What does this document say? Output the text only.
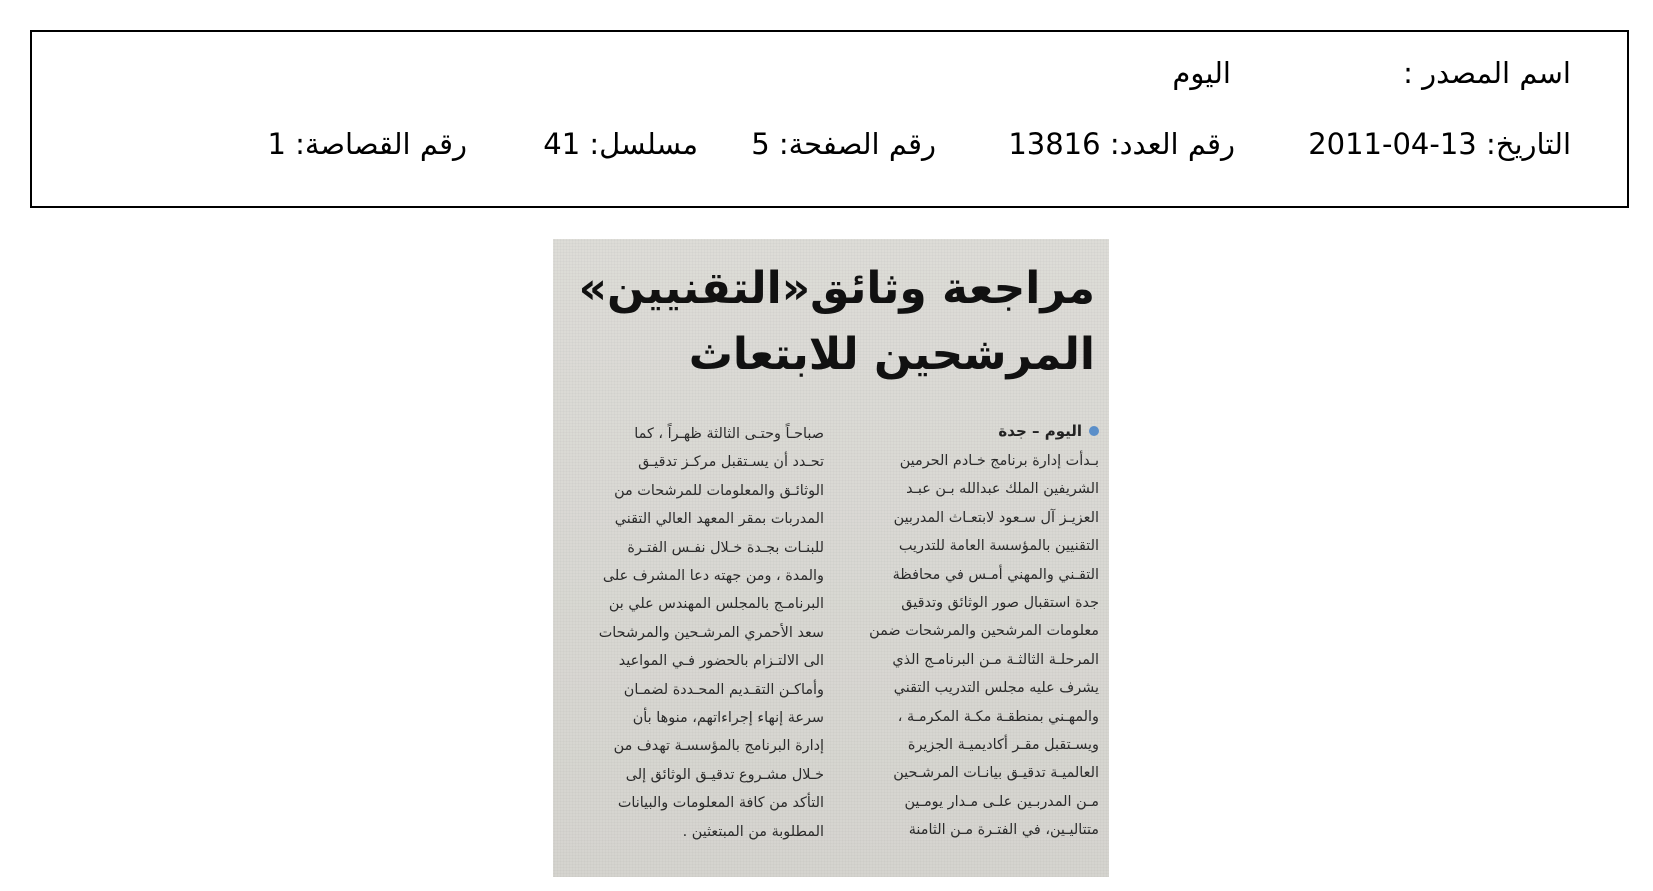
اسم المصدر :
اليوم
التاريخ: 2011-04-13
رقم العدد: 13816
رقم الصفحة: 5
مسلسل: 41
رقم القصاصة: 1
مراجعة وثائق«التقنيين»
المرشحين للابتعاث
اليوم – جدة
بـدأت إدارة برنامج خـادم الحرمين
الشريفين الملك عبدالله بـن عبـد
العزيـز آل سـعود لابتعـاث المدربين
التقنيين بالمؤسسة العامة للتدريب
التقـني والمهني أمـس في محافظة
جدة استقبال صور الوثائق وتدقيق
معلومات المرشحين والمرشحات ضمن
المرحلـة الثالثـة مـن البرنامـج الذي
يشرف عليه مجلس التدريب التقني
والمهـني بمنطقـة مكـة المكرمـة ،
ويسـتقبل مقـر أكاديميـة الجزيرة
العالميـة تدقيـق بيانـات المرشـحين
مـن المدربـين علـى مـدار يومـين
متتاليـين، في الفتـرة مـن الثامنة
صباحـاً وحتـى الثالثة ظهـراً ، كما
تحـدد أن يسـتقبل مركـز تدقيـق
الوثائـق والمعلومات للمرشحات من
المدربات بمقر المعهد العالي التقني
للبنـات بجـدة خـلال نفـس الفتـرة
والمدة ، ومن جهته دعا المشرف على
البرنامـج بالمجلس المهندس علي بن
سعد الأحمري المرشـحين والمرشحات
الى الالتـزام بالحضور فـي المواعيد
وأماكـن التقـديم المحـددة لضمـان
سرعة إنهاء إجراءاتهم، منوها بأن
إدارة البرنامج بالمؤسسـة تهدف من
خـلال مشـروع تدقيـق الوثائق إلى
التأكد من كافة المعلومات والبيانات
المطلوبة من المبتعثين .
